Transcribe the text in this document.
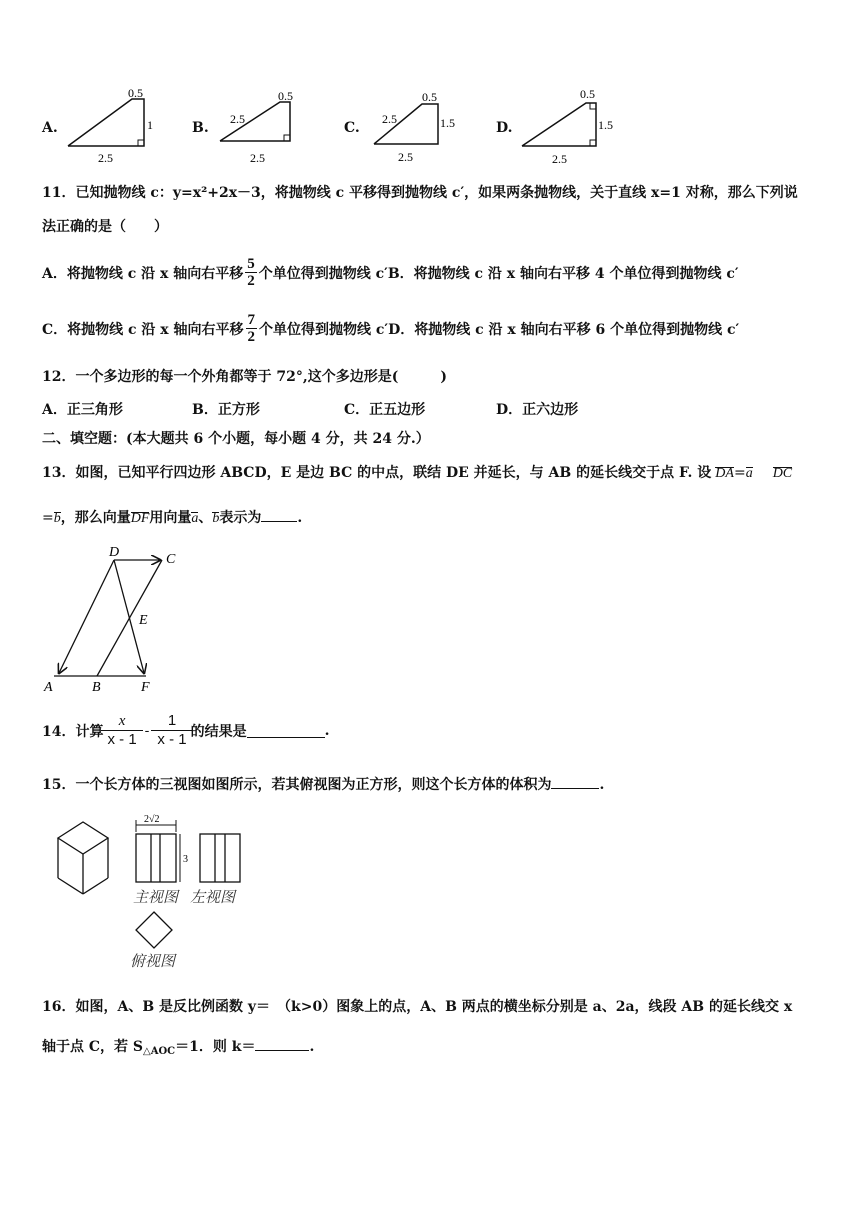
A.
0.5
1
2.5
B.
0.5
2.5
2.5
C.
0.5
2.5	1.5
2.5
D.
0.5
1.5
2.5
11．已知抛物线 c：y=x²+2x－3，将抛物线 c 平移得到抛物线 c′，如果两条抛物线，关于直线 x=1 对称，那么下列说
法正确的是（　　）
A．将抛物线 c 沿 x 轴向右平移 $\frac{5}{2}$ 个单位得到抛物线 c′B．将抛物线 c 沿 x 轴向右平移 4 个单位得到抛物线 c′
C．将抛物线 c 沿 x 轴向右平移 $\frac{7}{2}$ 个单位得到抛物线 c′D．将抛物线 c 沿 x 轴向右平移 6 个单位得到抛物线 c′
12．一个多边形的每一个外角都等于 72°,这个多边形是(　　　)
A．正三角形	B．正方形	C．正五边形	D．正六边形
二、填空题：(本大题共 6 个小题，每小题 4 分，共 24 分.）
13．如图，已知平行四边形 ABCD，E 是边 BC 的中点，联结 DE 并延长，与 AB 的延长线交于点 F. 设 DA = a DC
= b ，那么向量 DF 用向量 a 、 b 表示为	.
D	C
E
A	B	F
14．计算 $\frac{x}{x - 1} - \frac{1}{x - 1}$ 的结果是	.
15．一个长方体的三视图如图所示，若其俯视图为正方形，则这个长方体的体积为	.
2√2
3
主视图 左视图
俯视图
16．如图，A、B 是反比例函数 y＝　（k>0）图象上的点，A、B 两点的横坐标分别是 a、2a，线段 AB 的延长线交 x
轴于点 C，若 S △AOC ＝1．则 k＝	.
